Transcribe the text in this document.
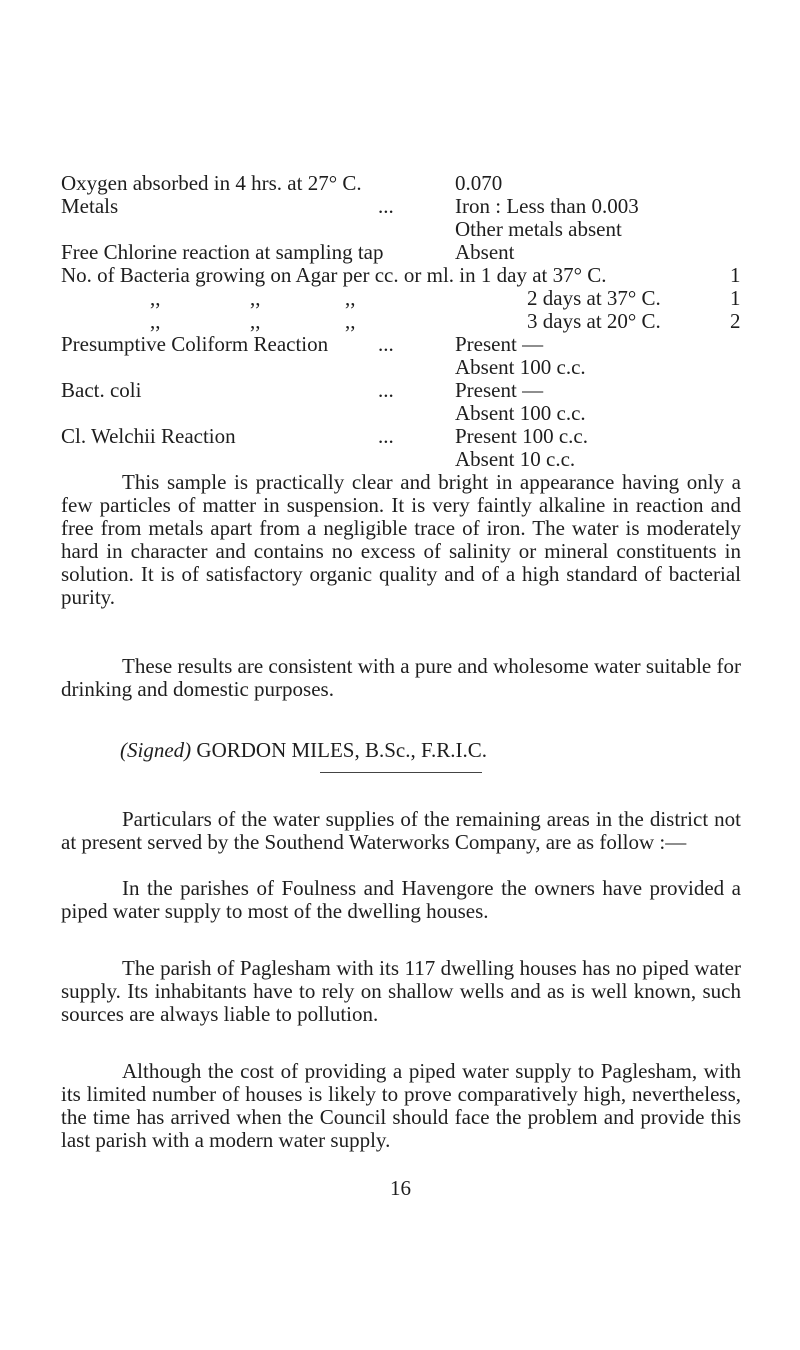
Oxygen absorbed in 4 hrs. at 27° C.	0.070
Metals	...	Iron : Less than 0.003
Other metals absent
Free Chlorine reaction at sampling tap	Absent
No. of Bacteria growing on Agar per cc. or ml. in 1 day at 37° C.	1
,,	,,	,,	2 days at 37° C.	1
,,	,,	,,	3 days at 20° C.	2
Presumptive Coliform Reaction ...	Present —
Absent 100 c.c.
Bact. coli	...	Present —
Absent 100 c.c.
Cl. Welchii Reaction	...	Present 100 c.c.
Absent 10 c.c.
This sample is practically clear and bright in appearance having only a few particles of matter in suspension. It is very faintly alkaline in reaction and free from metals apart from a negligible trace of iron. The water is moderately hard in character and contains no excess of salinity or mineral constituents in solution. It is of satisfactory organic quality and of a high standard of bacterial purity.
These results are consistent with a pure and wholesome water suitable for drinking and domestic purposes.
(Signed) GORDON MILES, B.Sc., F.R.I.C.
Particulars of the water supplies of the remaining areas in the district not at present served by the Southend Waterworks Company, are as follow :—
In the parishes of Foulness and Havengore the owners have provided a piped water supply to most of the dwelling houses.
The parish of Paglesham with its 117 dwelling houses has no piped water supply. Its inhabitants have to rely on shallow wells and as is well known, such sources are always liable to pollution.
Although the cost of providing a piped water supply to Paglesham, with its limited number of houses is likely to prove comparatively high, nevertheless, the time has arrived when the Council should face the problem and provide this last parish with a modern water supply.
16
